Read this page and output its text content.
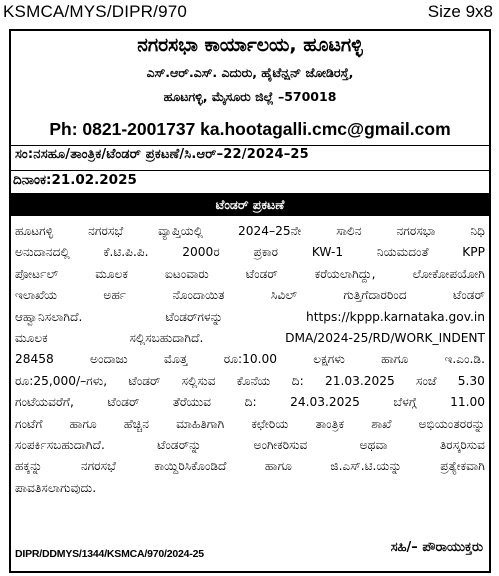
KSMCA/MYS/DIPR/970	Size 9x8
ನಗರಸಭಾ ಕಾರ್ಯಾಲಯ, ಹೂಟಗಳ್ಳಿ
ಎಸ್.ಆರ್.ಎಸ್. ಎದುರು, ಹೈಟೆನ್ಷನ್ ಜೋಡಿರಸ್ತೆ,
ಹೂಟಗಳ್ಳಿ, ಮೈಸೂರು ಜಿಲ್ಲೆ –570018
Ph: 0821-2001737 ka.hootagalli.cmc@gmail.com
ಸಂ:ನಸಹೂ/ತಾಂತ್ರಿಕ/ಟೆಂಡರ್ ಪ್ರಕಟಣೆ/ಸಿ.ಆರ್–22/2024–25
ದಿನಾಂಕ:21.02.2025
ಟೆಂಡರ್ ಪ್ರಕಟಣೆ
ಹೂಟಗಳ್ಳಿ	ನಗರಸಭೆ	ವ್ಯಾಪ್ತಿಯಲ್ಲಿ	2024–25ನೇ	ಸಾಲಿನ	ನಗರಸಭಾ	ನಿಧಿ
ಅನುದಾನದಲ್ಲಿ	ಕೆ.ಟಿ.ಪಿ.ಪಿ.	2000ರ	ಪ್ರಕಾರ	KW-1	ನಿಯಮದಂತೆ	KPP
ಪೋರ್ಟಲ್	ಮೂಲಕ	ಐಟಂವಾರು	ಟೆಂಡರ್	ಕರೆಯಲಾಗಿದ್ದು,	ಲೋಕೋಪಯೋಗಿ
ಇಲಾಖೆಯ	ಅರ್ಹ	ನೊಂದಾಯಿತ	ಸಿವಿಲ್	ಗುತ್ತಿಗೆದಾರರಿಂದ	ಟೆಂಡರ್
ಆಹ್ವಾನಿಸಲಾಗಿದೆ.	ಟೆಂಡರ್‌ಗಳನ್ನು	https://kppp.karnataka.gov.in
ಮೂಲಕ	ಸಲ್ಲಿಸಬಹುದಾಗಿದೆ.	DMA/2024-25/RD/WORK_INDENT
28458	ಅಂದಾಜು	ಮೊತ್ತ	ರೂ:10.00	ಲಕ್ಷಗಳು	ಹಾಗೂ	ಇ.ಎಂ.ಡಿ.
ರೂ:25,000/–ಗಳು, ಟೆಂಡರ್ ಸಲ್ಲಿಸುವ ಕೊನೆಯ ದಿ: 21.03.2025 ಸಂಜೆ 5.30
ಗಂಟೆಯವರೆಗೆ,	ಟೆಂಡರ್	ತೆರೆಯುವ	ದಿ:	24.03.2025	ಬೆಳಗ್ಗೆ	11.00
ಗಂಟೆಗೆ ಹಾಗೂ ಹೆಚ್ಚಿನ ಮಾಹಿತಿಗಾಗಿ ಕಛೇರಿಯ ತಾಂತ್ರಿಕ ಶಾಖೆ ಅಭಿಯಂತರರನ್ನು
ಸಂಪರ್ಕಿಸಬಹುದಾಗಿದೆ.	ಟೆಂಡರ್‌ನ್ನು	ಅಂಗೀಕರಿಸುವ	ಅಥವಾ	ತಿರಸ್ಕರಿಸುವ
ಹಕ್ಕನ್ನು	ನಗರಸಭೆ	ಕಾಯ್ದಿರಿಸಿಕೊಂಡಿದೆ	ಹಾಗೂ	ಜಿ.ಎಸ್.ಟಿ.ಯನ್ನು	ಪ್ರತ್ಯೇಕವಾಗಿ
ಪಾವತಿಸಲಾಗುವುದು.
DIPR/DDMYS/1344/KSMCA/970/2024-25	ಸಹಿ/– ಪೌರಾಯುಕ್ತರು
